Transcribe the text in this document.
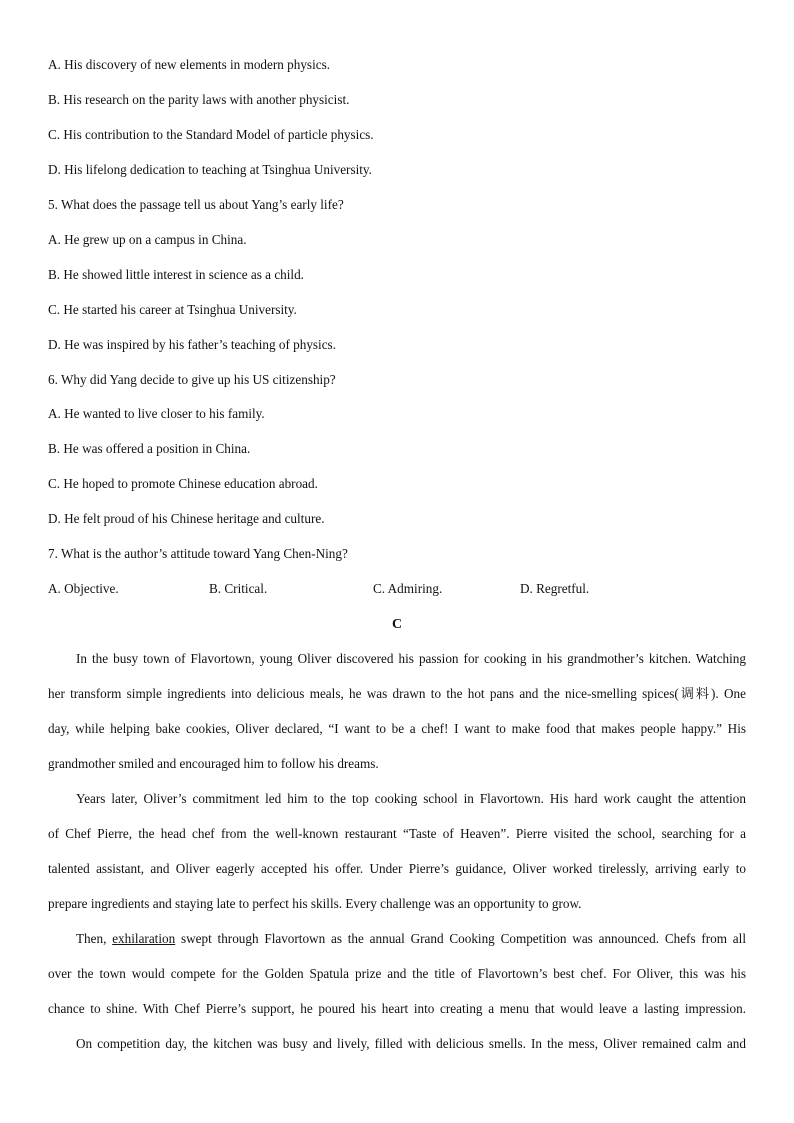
A. His discovery of new elements in modern physics.
B. His research on the parity laws with another physicist.
C. His contribution to the Standard Model of particle physics.
D. His lifelong dedication to teaching at Tsinghua University.
5. What does the passage tell us about Yang’s early life?
A. He grew up on a campus in China.
B. He showed little interest in science as a child.
C. He started his career at Tsinghua University.
D. He was inspired by his father’s teaching of physics.
6. Why did Yang decide to give up his US citizenship?
A. He wanted to live closer to his family.
B. He was offered a position in China.
C. He hoped to promote Chinese education abroad.
D. He felt proud of his Chinese heritage and culture.
7. What is the author’s attitude toward Yang Chen-Ning?
A. Objective.	B. Critical.	C. Admiring.	D. Regretful.
C
In the busy town of Flavortown, young Oliver discovered his passion for cooking in his grandmother’s kitchen. Watching
her transform simple ingredients into delicious meals, he was drawn to the hot pans and the nice-smelling spices(调料). One
day, while helping bake cookies, Oliver declared, “I want to be a chef! I want to make food that makes people happy.” His
grandmother smiled and encouraged him to follow his dreams.
Years later, Oliver’s commitment led him to the top cooking school in Flavortown. His hard work caught the attention
of Chef Pierre, the head chef from the well-known restaurant “Taste of Heaven”. Pierre visited the school, searching for a
talented assistant, and Oliver eagerly accepted his offer. Under Pierre’s guidance, Oliver worked tirelessly, arriving early to
prepare ingredients and staying late to perfect his skills. Every challenge was an opportunity to grow.
Then, exhilaration swept through Flavortown as the annual Grand Cooking Competition was announced. Chefs from all
over the town would compete for the Golden Spatula prize and the title of Flavortown’s best chef. For Oliver, this was his
chance to shine. With Chef Pierre’s support, he poured his heart into creating a menu that would leave a lasting impression.
On competition day, the kitchen was busy and lively, filled with delicious smells. In the mess, Oliver remained calm and
